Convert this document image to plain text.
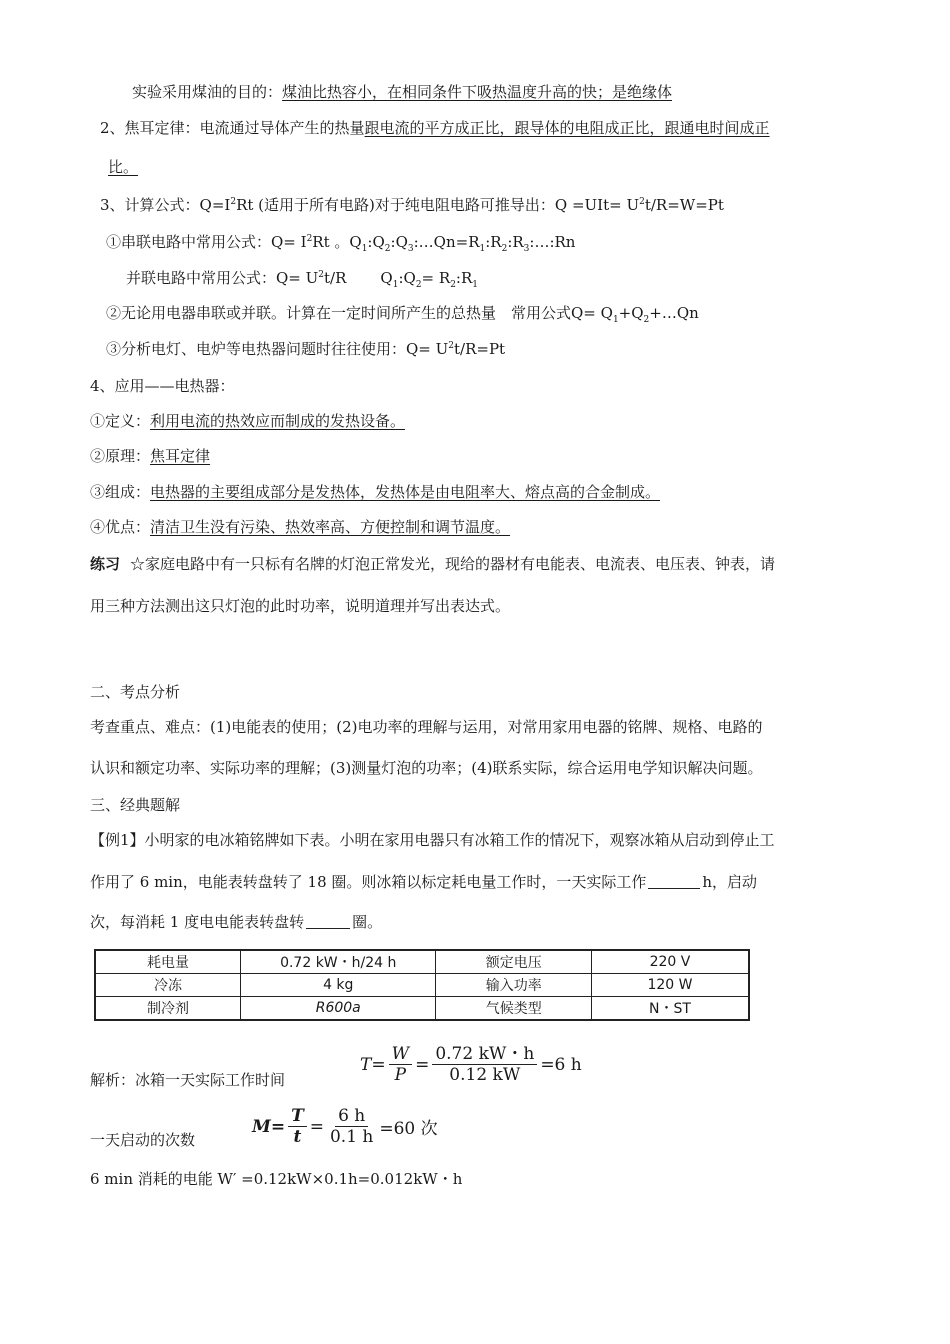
实验采用煤油的目的：煤油比热容小，在相同条件下吸热温度升高的快；是绝缘体
2、焦耳定律：电流通过导体产生的热量跟电流的平方成正比，跟导体的电阻成正比，跟通电时间成正
比。
3、计算公式：$Q=I^2Rt$ (适用于所有电路)对于纯电阻电路可推导出：$Q =UIt= U^2t/R=W=Pt$
①串联电路中常用公式：$Q= I^2Rt$ 。$Q_1:Q_2:Q_3:\dots Qn=R_1:R_2:R_3:\dots:Rn$
并联电路中常用公式：$Q= U^2t/R$ $Q_1:Q_2=$ $R_2:R_1$
②无论用电器串联或并联。计算在一定时间所产生的总热量　常用公式$Q= Q_1+Q_2+\dots Qn$
③分析电灯、电炉等电热器问题时往往使用：$Q= U^2t/R=Pt$
4、应用——电热器：
①定义：利用电流的热效应而制成的发热设备。
②原理：焦耳定律
③组成：电热器的主要组成部分是发热体，发热体是由电阻率大、熔点高的合金制成。
④优点：清洁卫生没有污染、热效率高、方便控制和调节温度。
练习 ☆家庭电路中有一只标有名牌的灯泡正常发光，现给的器材有电能表、电流表、电压表、钟表，请
用三种方法测出这只灯泡的此时功率，说明道理并写出表达式。
二、考点分析
考查重点、难点：(1)电能表的使用；(2)电功率的理解与运用，对常用家用电器的铭牌、规格、电路的
认识和额定功率、实际功率的理解；(3)测量灯泡的功率；(4)联系实际，综合运用电学知识解决问题。
三、经典题解
【例1】小明家的电冰箱铭牌如下表。小明在家用电器只有冰箱工作的情况下，观察冰箱从启动到停止工
作用了 6 min，电能表转盘转了 18 圈。则冰箱以标定耗电量工作时，一天实际工作	h，启动
次，每消耗 1 度电电能表转盘转	圈。
耗电量	0.72 kW・h/24 h	额定电压	220 V
冷冻	4 kg	输入功率	120 W
制冷剂	R600a	气候类型	N・ST
解析：冰箱一天实际工作时间
$T= \frac{W}{P} = \frac{0.72 kW・h}{0.12 kW} =6$ h
一天启动的次数
$M= \frac{T}{t} = \frac{6 h}{0.1 h} =60$ 次
6 min 消耗的电能 W′ =0.12kW×0.1h=0.012kW・h
